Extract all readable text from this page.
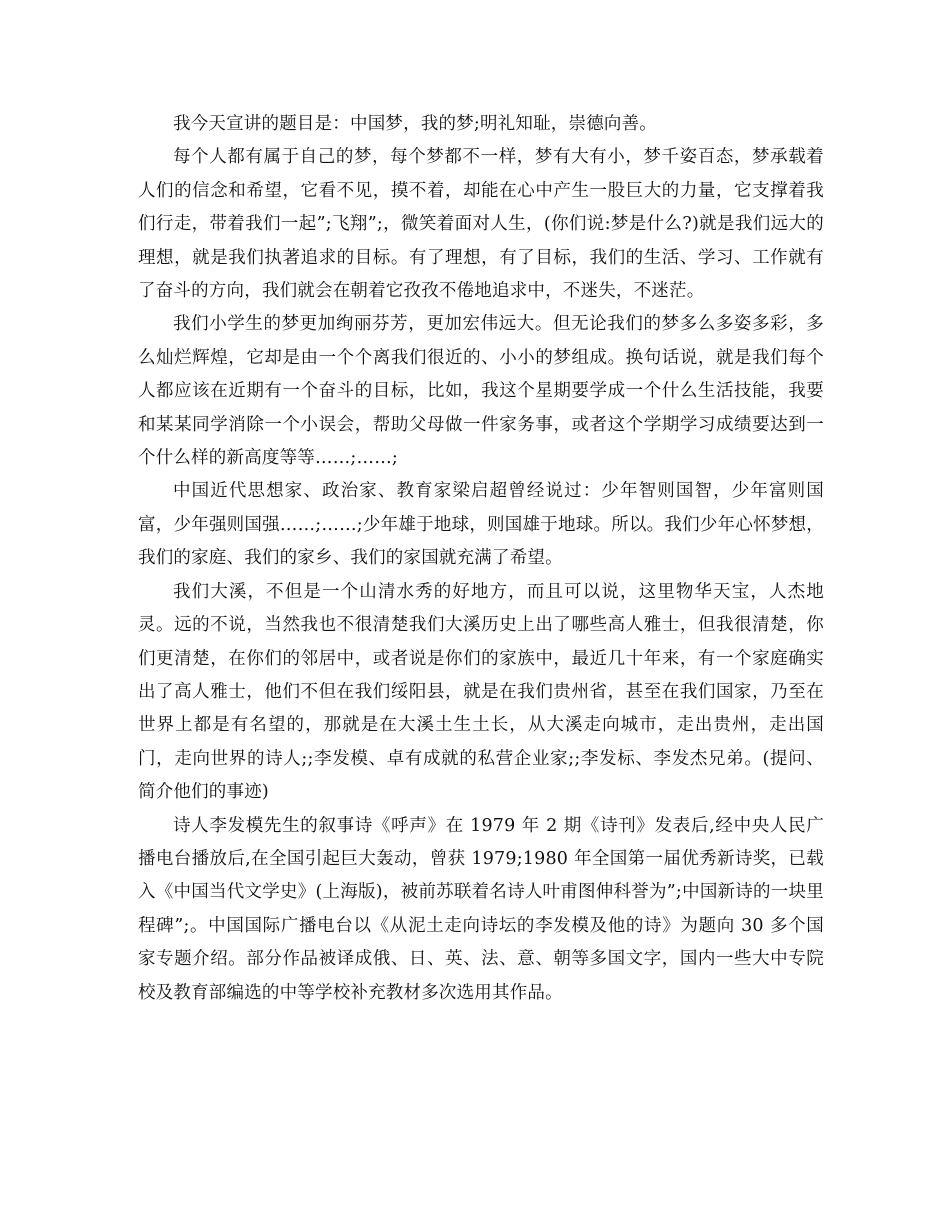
我今天宣讲的题目是：中国梦，我的梦;明礼知耻，崇德向善。

每个人都有属于自己的梦，每个梦都不一样，梦有大有小，梦千姿百态，梦承载着人们的信念和希望，它看不见，摸不着，却能在心中产生一股巨大的力量，它支撑着我们行走，带着我们一起”;飞翔”;，微笑着面对人生，(你们说:梦是什么?)就是我们远大的理想，就是我们执著追求的目标。有了理想，有了目标，我们的生活、学习、工作就有了奋斗的方向，我们就会在朝着它孜孜不倦地追求中，不迷失，不迷茫。

我们小学生的梦更加绚丽芬芳，更加宏伟远大。但无论我们的梦多么多姿多彩，多么灿烂辉煌，它却是由一个个离我们很近的、小小的梦组成。换句话说，就是我们每个人都应该在近期有一个奋斗的目标，比如，我这个星期要学成一个什么生活技能，我要和某某同学消除一个小误会，帮助父母做一件家务事，或者这个学期学习成绩要达到一个什么样的新高度等等……;……;

中国近代思想家、政治家、教育家梁启超曾经说过：少年智则国智，少年富则国富，少年强则国强……;……;少年雄于地球，则国雄于地球。所以。我们少年心怀梦想，我们的家庭、我们的家乡、我们的家国就充满了希望。

我们大溪，不但是一个山清水秀的好地方，而且可以说，这里物华天宝，人杰地灵。远的不说，当然我也不很清楚我们大溪历史上出了哪些高人雅士，但我很清楚，你们更清楚，在你们的邻居中，或者说是你们的家族中，最近几十年来，有一个家庭确实出了高人雅士，他们不但在我们绥阳县，就是在我们贵州省，甚至在我们国家，乃至在世界上都是有名望的，那就是在大溪土生土长，从大溪走向城市，走出贵州，走出国门，走向世界的诗人;;李发模、卓有成就的私营企业家;;李发标、李发杰兄弟。(提问、简介他们的事迹)

诗人李发模先生的叙事诗《呼声》在 1979 年 2 期《诗刊》发表后,经中央人民广播电台播放后,在全国引起巨大轰动，曾获 1979;1980 年全国第一届优秀新诗奖，已载入《中国当代文学史》(上海版)，被前苏联着名诗人叶甫图伸科誉为”;中国新诗的一块里程碑”;。中国国际广播电台以《从泥土走向诗坛的李发模及他的诗》为题向 30 多个国家专题介绍。部分作品被译成俄、日、英、法、意、朝等多国文字，国内一些大中专院校及教育部编选的中等学校补充教材多次选用其作品。
